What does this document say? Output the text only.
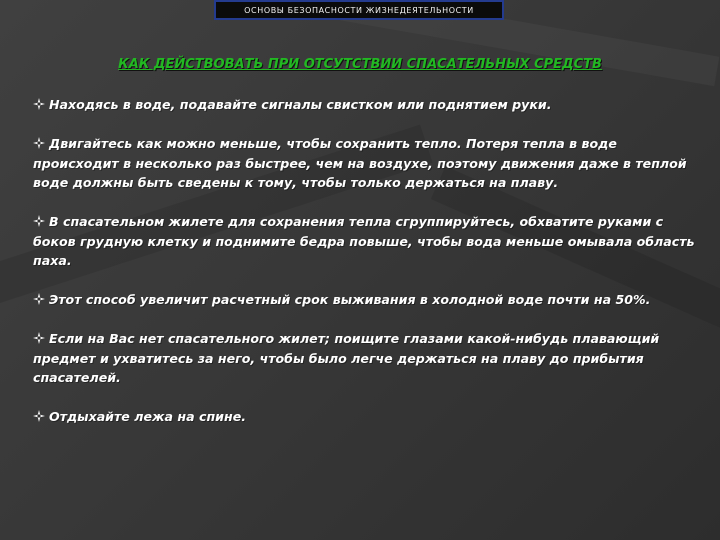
ОСНОВЫ БЕЗОПАСНОСТИ ЖИЗНЕДЕЯТЕЛЬНОСТИ
КАК ДЕЙСТВОВАТЬ ПРИ ОТСУТСТВИИ СПАСАТЕЛЬНЫХ СРЕДСТВ
Находясь в воде, подавайте сигналы свистком или поднятием руки.
Двигайтесь как можно меньше, чтобы сохранить тепло. Потеря тепла в воде происходит в несколько раз быстрее, чем на воздухе, поэтому движения даже в теплой воде должны быть сведены к тому, чтобы только держаться на плаву.
В спасательном жилете для сохранения тепла сгруппируйтесь, обхватите руками с боков грудную клетку и поднимите бедра повыше, чтобы вода меньше омывала область паха.
Этот способ увеличит расчетный срок выживания в холодной воде почти на 50%.
Если на Вас нет спасательного жилет; поищите глазами какой-нибудь плавающий предмет и ухватитесь за него, чтобы было легче держаться на плаву до прибытия спасателей.
Отдыхайте лежа на спине.
